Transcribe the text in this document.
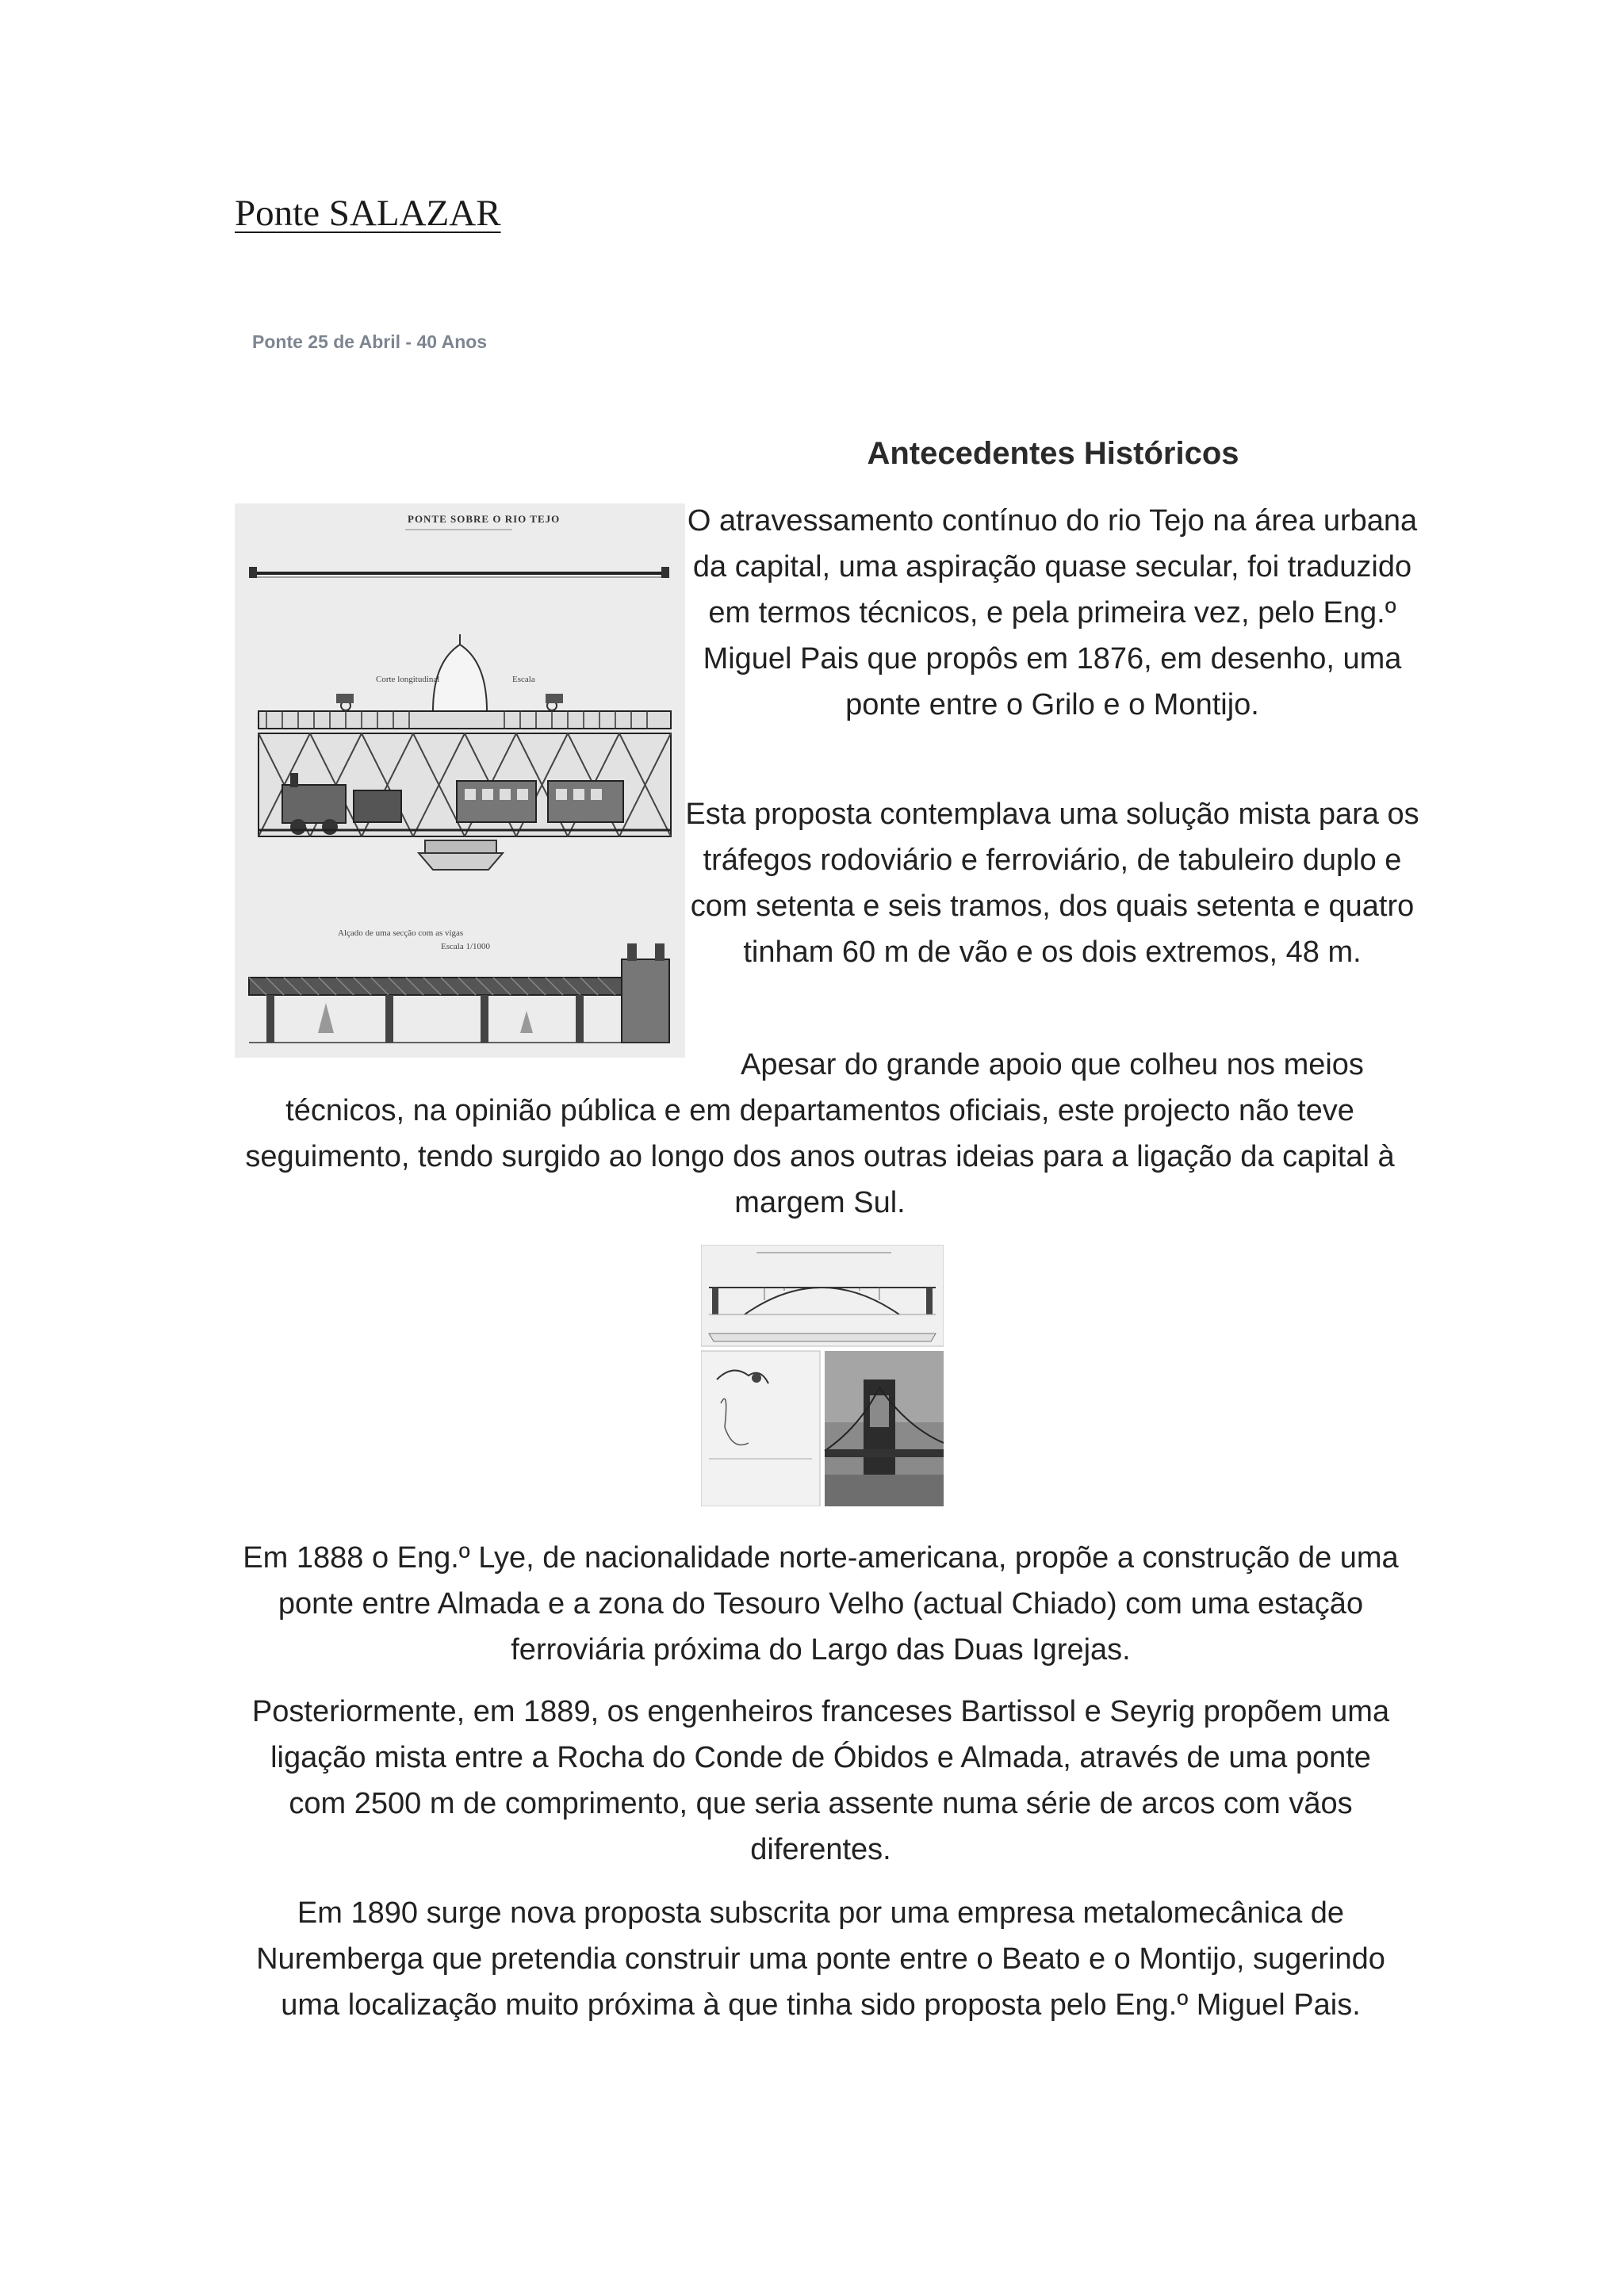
Ponte SALAZAR
Ponte 25 de Abril - 40 Anos
Antecedentes Históricos
PONTE SOBRE O RIO TEJO
Corte longitudinal	Escala
Alçado de uma secção com as vigas
Escala 1/1000

O atravessamento contínuo do rio Tejo na área urbana da capital, uma aspiração quase secular, foi traduzido em termos técnicos, e pela primeira vez, pelo Eng.º Miguel Pais que propôs em 1876, em desenho, uma ponte entre o Grilo e o Montijo.

Esta proposta contemplava uma solução mista para os tráfegos rodoviário e ferroviário, de tabuleiro duplo e com setenta e seis tramos, dos quais setenta e quatro tinham 60 m de vão e os dois extremos, 48 m.

Apesar do grande apoio que colheu nos meios

técnicos, na opinião pública e em departamentos oficiais, este projecto não teve seguimento, tendo surgido ao longo dos anos outras ideias para a ligação da capital à margem Sul.

Em 1888 o Eng.º Lye, de nacionalidade norte-americana, propõe a construção de uma ponte entre Almada e a zona do Tesouro Velho (actual Chiado) com uma estação ferroviária próxima do Largo das Duas Igrejas.

Posteriormente, em 1889, os engenheiros franceses Bartissol e Seyrig propõem uma ligação mista entre a Rocha do Conde de Óbidos e Almada, através de uma ponte com 2500 m de comprimento, que seria assente numa série de arcos com vãos diferentes.

Em 1890 surge nova proposta subscrita por uma empresa metalomecânica de Nuremberga que pretendia construir uma ponte entre o Beato e o Montijo, sugerindo uma localização muito próxima à que tinha sido proposta pelo Eng.º Miguel Pais.
